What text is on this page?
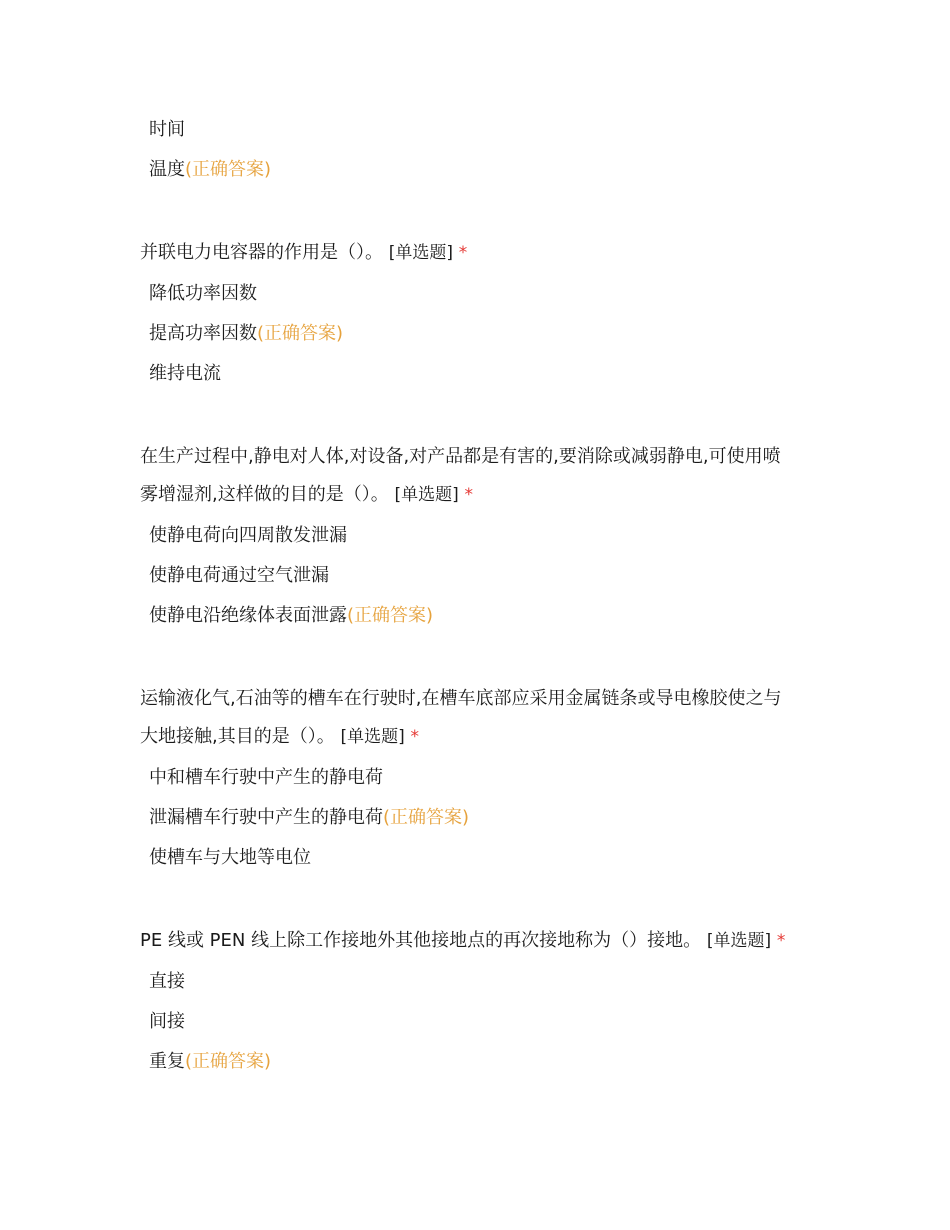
时间
温度(正确答案)

并联电力电容器的作用是（）。 [单选题] *

降低功率因数
提高功率因数(正确答案)
维持电流

在生产过程中,静电对人体,对设备,对产品都是有害的,要消除或减弱静电,可使用喷
雾增湿剂,这样做的目的是（）。 [单选题] *

使静电荷向四周散发泄漏
使静电荷通过空气泄漏
使静电沿绝缘体表面泄露(正确答案)

运输液化气,石油等的槽车在行驶时,在槽车底部应采用金属链条或导电橡胶使之与
大地接触,其目的是（）。 [单选题] *

中和槽车行驶中产生的静电荷
泄漏槽车行驶中产生的静电荷(正确答案)
使槽车与大地等电位

PE 线或 PEN 线上除工作接地外其他接地点的再次接地称为（）接地。 [单选题] *

直接
间接
重复(正确答案)
